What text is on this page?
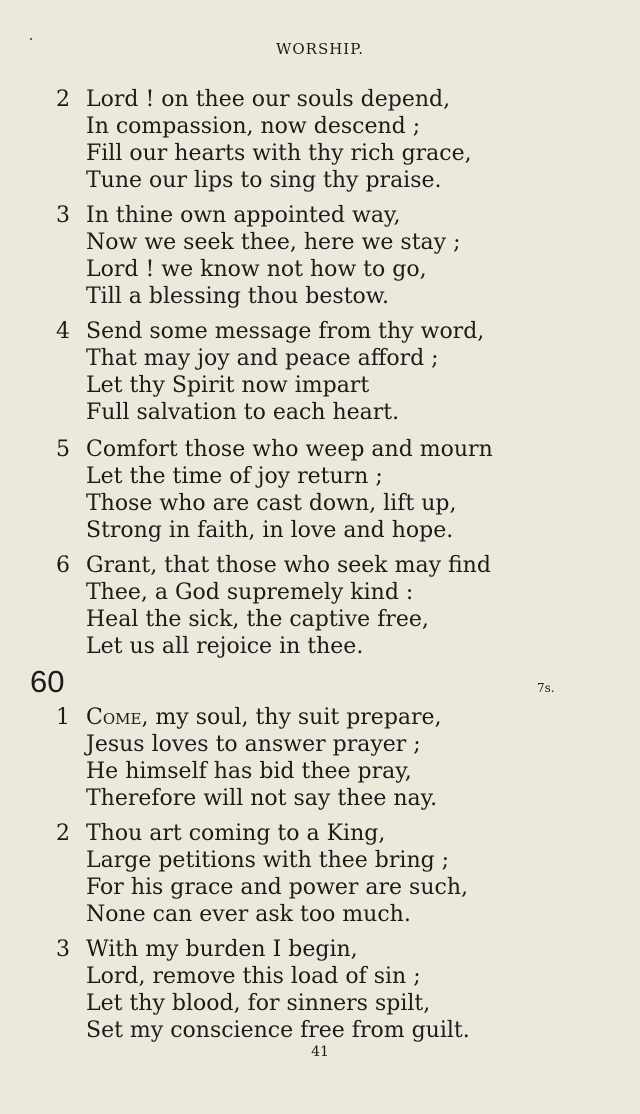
WORSHIP.
2 Lord ! on thee our souls depend,
In compassion, now descend ;
Fill our hearts with thy rich grace,
Tune our lips to sing thy praise.
3 In thine own appointed way,
Now we seek thee, here we stay ;
Lord ! we know not how to go,
Till a blessing thou bestow.
4 Send some message from thy word,
That may joy and peace afford ;
Let thy Spirit now impart
Full salvation to each heart.
5 Comfort those who weep and mourn
Let the time of joy return ;
Those who are cast down, lift up,
Strong in faith, in love and hope.
6 Grant, that those who seek may find
Thee, a God supremely kind :
Heal the sick, the captive free,
Let us all rejoice in thee.
60	7s.
1 Come, my soul, thy suit prepare,
Jesus loves to answer prayer ;
He himself has bid thee pray,
Therefore will not say thee nay.
2 Thou art coming to a King,
Large petitions with thee bring ;
For his grace and power are such,
None can ever ask too much.
3 With my burden I begin,
Lord, remove this load of sin ;
Let thy blood, for sinners spilt,
Set my conscience free from guilt.
41
